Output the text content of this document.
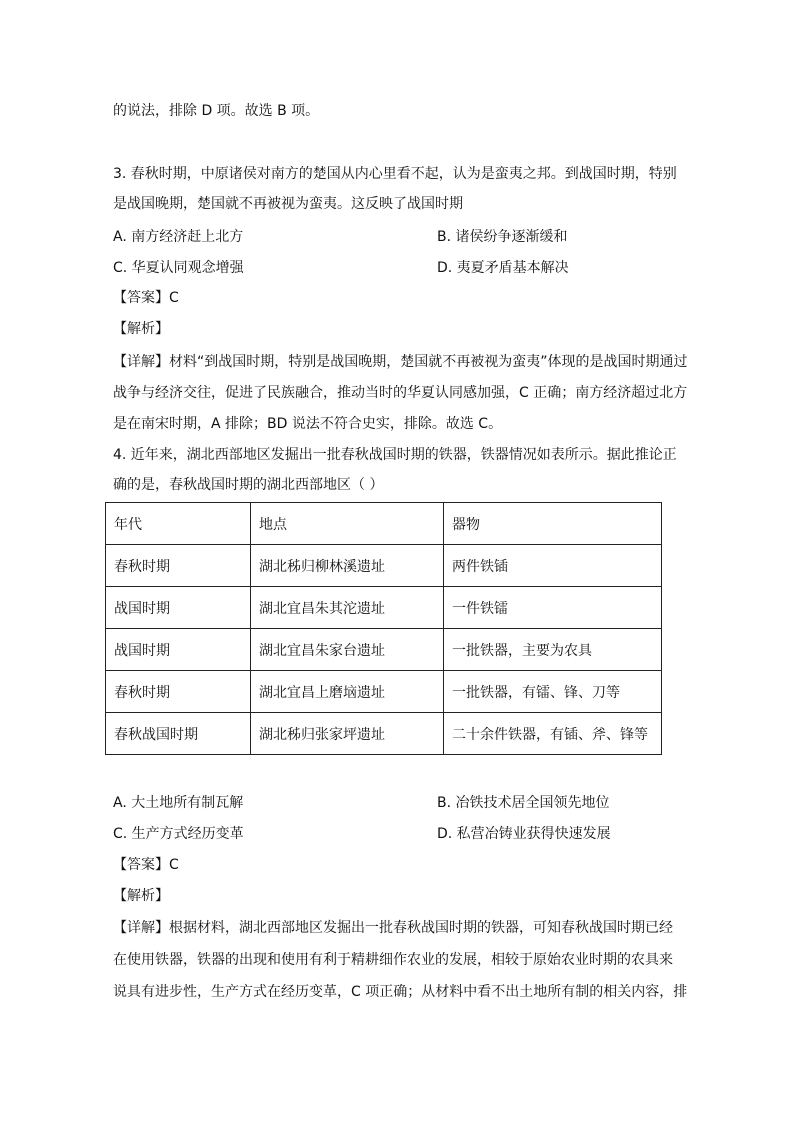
的说法，排除 D 项。故选 B 项。
3. 春秋时期，中原诸侯对南方的楚国从内心里看不起，认为是蛮夷之邦。到战国时期，特别
是战国晚期，楚国就不再被视为蛮夷。这反映了战国时期
A. 南方经济赶上北方	B. 诸侯纷争逐渐缓和
C. 华夏认同观念增强	D. 夷夏矛盾基本解决
【答案】C
【解析】
【详解】材料“到战国时期，特别是战国晚期，楚国就不再被视为蛮夷”体现的是战国时期通过
战争与经济交往，促进了民族融合，推动当时的华夏认同感加强，C 正确；南方经济超过北方
是在南宋时期，A 排除；BD 说法不符合史实，排除。故选 C。
4. 近年来，湖北西部地区发掘出一批春秋战国时期的铁器，铁器情况如表所示。据此推论正
确的是，春秋战国时期的湖北西部地区（ ）
年代	地点	器物
春秋时期	湖北秭归柳林溪遗址	两件铁锸
战国时期	湖北宜昌朱其沱遗址	一件铁镭
战国时期	湖北宜昌朱家台遗址	一批铁器，主要为农具
春秋时期	湖北宜昌上磨垴遗址	一批铁器，有镭、锋、刀等
春秋战国时期	湖北秭归张家坪遗址	二十余件铁器，有锸、斧、锋等
A. 大土地所有制瓦解	B. 冶铁技术居全国领先地位
C. 生产方式经历变革	D. 私营冶铸业获得快速发展
【答案】C
【解析】
【详解】根据材料，湖北西部地区发掘出一批春秋战国时期的铁器，可知春秋战国时期已经
在使用铁器，铁器的出现和使用有利于精耕细作农业的发展，相较于原始农业时期的农具来
说具有进步性，生产方式在经历变革，C 项正确；从材料中看不出土地所有制的相关内容，排
